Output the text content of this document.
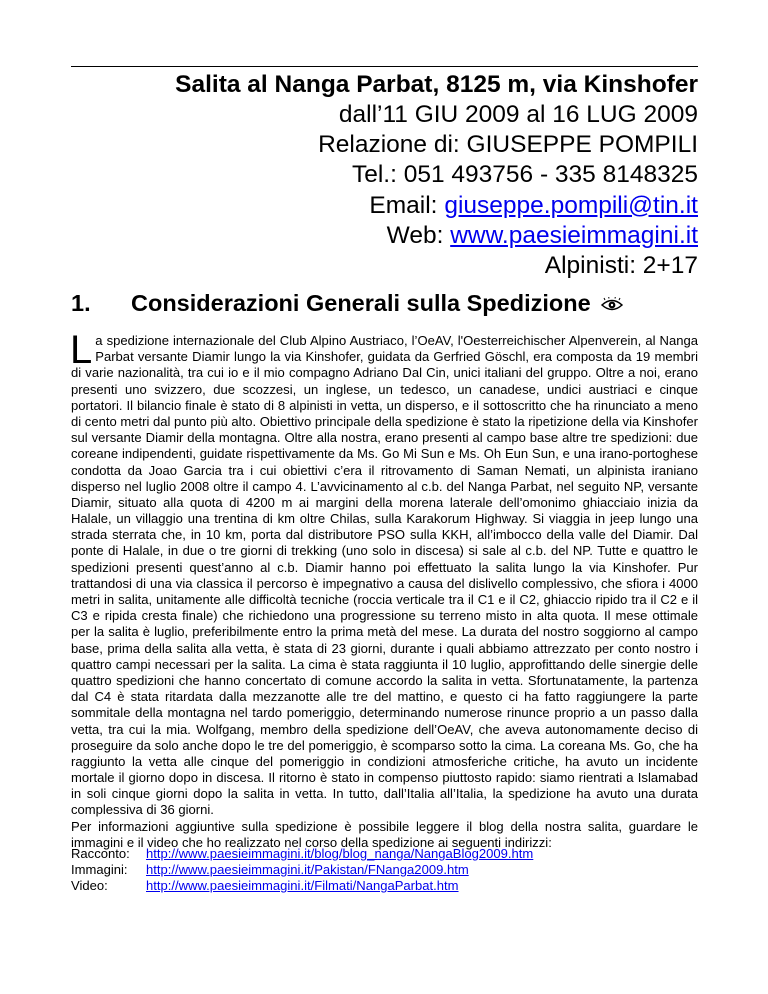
Salita al Nanga Parbat, 8125 m, via Kinshofer

dall’11 GIU 2009 al 16 LUG 2009

Relazione di: GIUSEPPE POMPILI

Tel.: 051 493756 - 335 8148325

Email: giuseppe.pompili@tin.it

Web: www.paesieimmagini.it

Alpinisti: 2+17

1. Considerazioni Generali sulla Spedizione

La spedizione internazionale del Club Alpino Austriaco, l’OeAV, l'Oesterreichischer Alpenverein, al Nanga Parbat versante Diamir lungo la via Kinshofer, guidata da Gerfried Göschl, era composta da 19 membri di varie nazionalità, tra cui io e il mio compagno Adriano Dal Cin, unici italiani del gruppo. Oltre a noi, erano presenti uno svizzero, due scozzesi, un inglese, un tedesco, un canadese, undici austriaci e cinque portatori. Il bilancio finale è stato di 8 alpinisti in vetta, un disperso, e il sottoscritto che ha rinunciato a meno di cento metri dal punto più alto. Obiettivo principale della spedizione è stato la ripetizione della via Kinshofer sul versante Diamir della montagna. Oltre alla nostra, erano presenti al campo base altre tre spedizioni: due coreane indipendenti, guidate rispettivamente da Ms. Go Mi Sun e Ms. Oh Eun Sun, e una irano-portoghese condotta da Joao Garcia tra i cui obiettivi c’era il ritrovamento di Saman Nemati, un alpinista iraniano disperso nel luglio 2008 oltre il campo 4. L’avvicinamento al c.b. del Nanga Parbat, nel seguito NP, versante Diamir, situato alla quota di 4200 m ai margini della morena laterale dell’omonimo ghiacciaio inizia da Halale, un villaggio una trentina di km oltre Chilas, sulla Karakorum Highway. Si viaggia in jeep lungo una strada sterrata che, in 10 km, porta dal distributore PSO sulla KKH, all’imbocco della valle del Diamir. Dal ponte di Halale, in due o tre giorni di trekking (uno solo in discesa) si sale al c.b. del NP. Tutte e quattro le spedizioni presenti quest’anno al c.b. Diamir hanno poi effettuato la salita lungo la via Kinshofer. Pur trattandosi di una via classica il percorso è impegnativo a causa del dislivello complessivo, che sfiora i 4000 metri in salita, unitamente alle difficoltà tecniche (roccia verticale tra il C1 e il C2, ghiaccio ripido tra il C2 e il C3 e ripida cresta finale) che richiedono una progressione su terreno misto in alta quota. Il mese ottimale per la salita è luglio, preferibilmente entro la prima metà del mese. La durata del nostro soggiorno al campo base, prima della salita alla vetta, è stata di 23 giorni, durante i quali abbiamo attrezzato per conto nostro i quattro campi necessari per la salita. La cima è stata raggiunta il 10 luglio, approfittando delle sinergie delle quattro spedizioni che hanno concertato di comune accordo la salita in vetta. Sfortunatamente, la partenza dal C4 è stata ritardata dalla mezzanotte alle tre del mattino, e questo ci ha fatto raggiungere la parte sommitale della montagna nel tardo pomeriggio, determinando numerose rinunce proprio a un passo dalla vetta, tra cui la mia. Wolfgang, membro della spedizione dell’OeAV, che aveva autonomamente deciso di proseguire da solo anche dopo le tre del pomeriggio, è scomparso sotto la cima. La coreana Ms. Go, che ha raggiunto la vetta alle cinque del pomeriggio in condizioni atmosferiche critiche, ha avuto un incidente mortale il giorno dopo in discesa. Il ritorno è stato in compenso piuttosto rapido: siamo rientrati a Islamabad in soli cinque giorni dopo la salita in vetta. In tutto, dall’Italia all’Italia, la spedizione ha avuto una durata complessiva di 36 giorni.

Per informazioni aggiuntive sulla spedizione è possibile leggere il blog della nostra salita, guardare le immagini e il video che ho realizzato nel corso della spedizione ai seguenti indirizzi:

Racconto:	http://www.paesieimmagini.it/blog/blog_nanga/NangaBlog2009.htm
Immagini:	http://www.paesieimmagini.it/Pakistan/FNanga2009.htm
Video:	http://www.paesieimmagini.it/Filmati/NangaParbat.htm
